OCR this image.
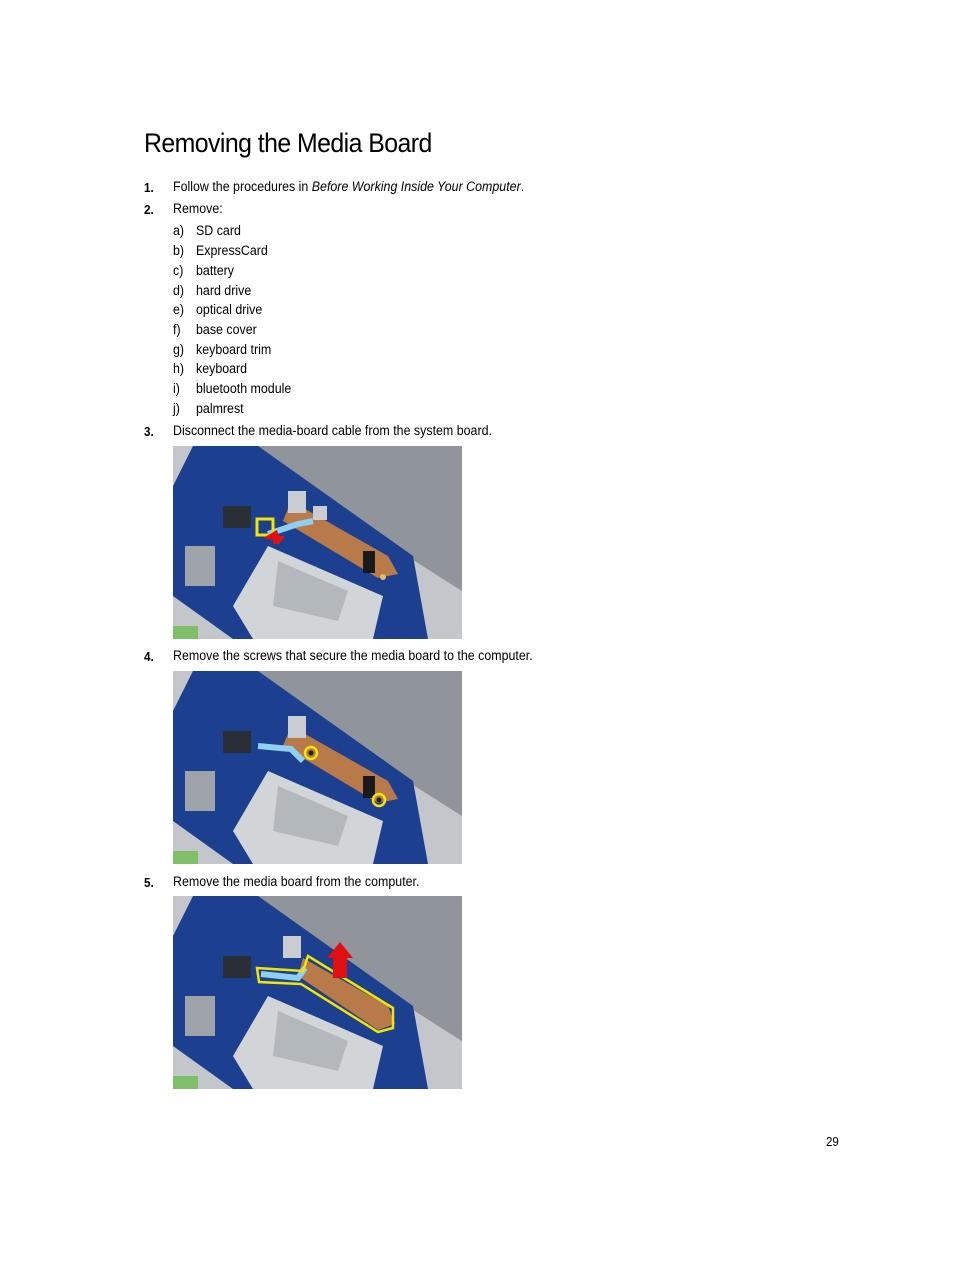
Removing the Media Board
1. Follow the procedures in Before Working Inside Your Computer.
2. Remove:
a) SD card
b) ExpressCard
c) battery
d) hard drive
e) optical drive
f) base cover
g) keyboard trim
h) keyboard
i) bluetooth module
j) palmrest
3. Disconnect the media-board cable from the system board.
4. Remove the screws that secure the media board to the computer.
5. Remove the media board from the computer.
29
